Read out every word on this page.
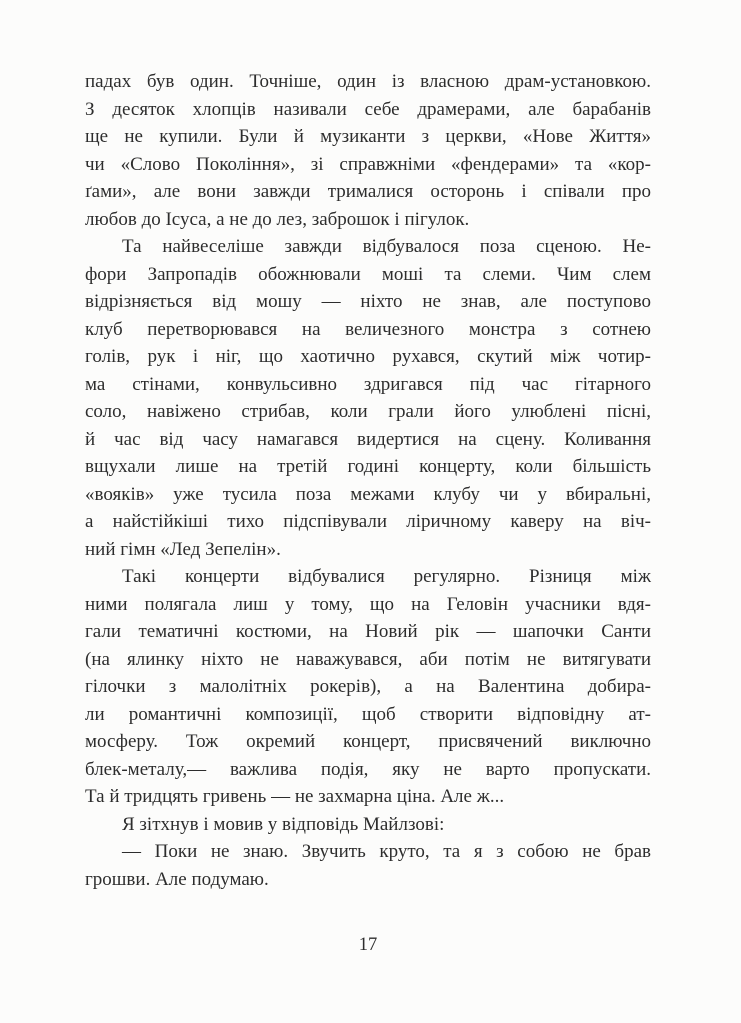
падах був один. Точніше, один із власною драм-установкою.
З десяток хлопців називали себе драмерами, але барабанів
ще не купили. Були й музиканти з церкви, «Нове Життя»
чи «Слово Покоління», зі справжніми «фендерами» та «кор-
ґами», але вони завжди трималися осторонь і співали про
любов до Ісуса, а не до лез, заброшок і пігулок.
Та найвеселіше завжди відбувалося поза сценою. Не-
фори Запропадів обожнювали моші та слеми. Чим слем
відрізняється від мошу — ніхто не знав, але поступово
клуб перетворювався на величезного монстра з сотнею
голів, рук і ніг, що хаотично рухався, скутий між чотир-
ма стінами, конвульсивно здригався під час гітарного
соло, навіжено стрибав, коли грали його улюблені пісні,
й час від часу намагався видертися на сцену. Коливання
вщухали лише на третій годині концерту, коли більшість
«вояків» уже тусила поза межами клубу чи у вбиральні,
а найстійкіші тихо підспівували ліричному каверу на віч-
ний гімн «Лед Зепелін».
Такі концерти відбувалися регулярно. Різниця між
ними полягала лиш у тому, що на Геловін учасники вдя-
гали тематичні костюми, на Новий рік — шапочки Санти
(на ялинку ніхто не наважувався, аби потім не витягувати
гілочки з малолітніх рокерів), а на Валентина добира-
ли романтичні композиції, щоб створити відповідну ат-
мосферу. Тож окремий концерт, присвячений виключно
блек-металу,— важлива подія, яку не варто пропускати.
Та й тридцять гривень — не захмарна ціна. Але ж...
Я зітхнув і мовив у відповідь Майлзові:
— Поки не знаю. Звучить круто, та я з собою не брав
грошви. Але подумаю.
17
